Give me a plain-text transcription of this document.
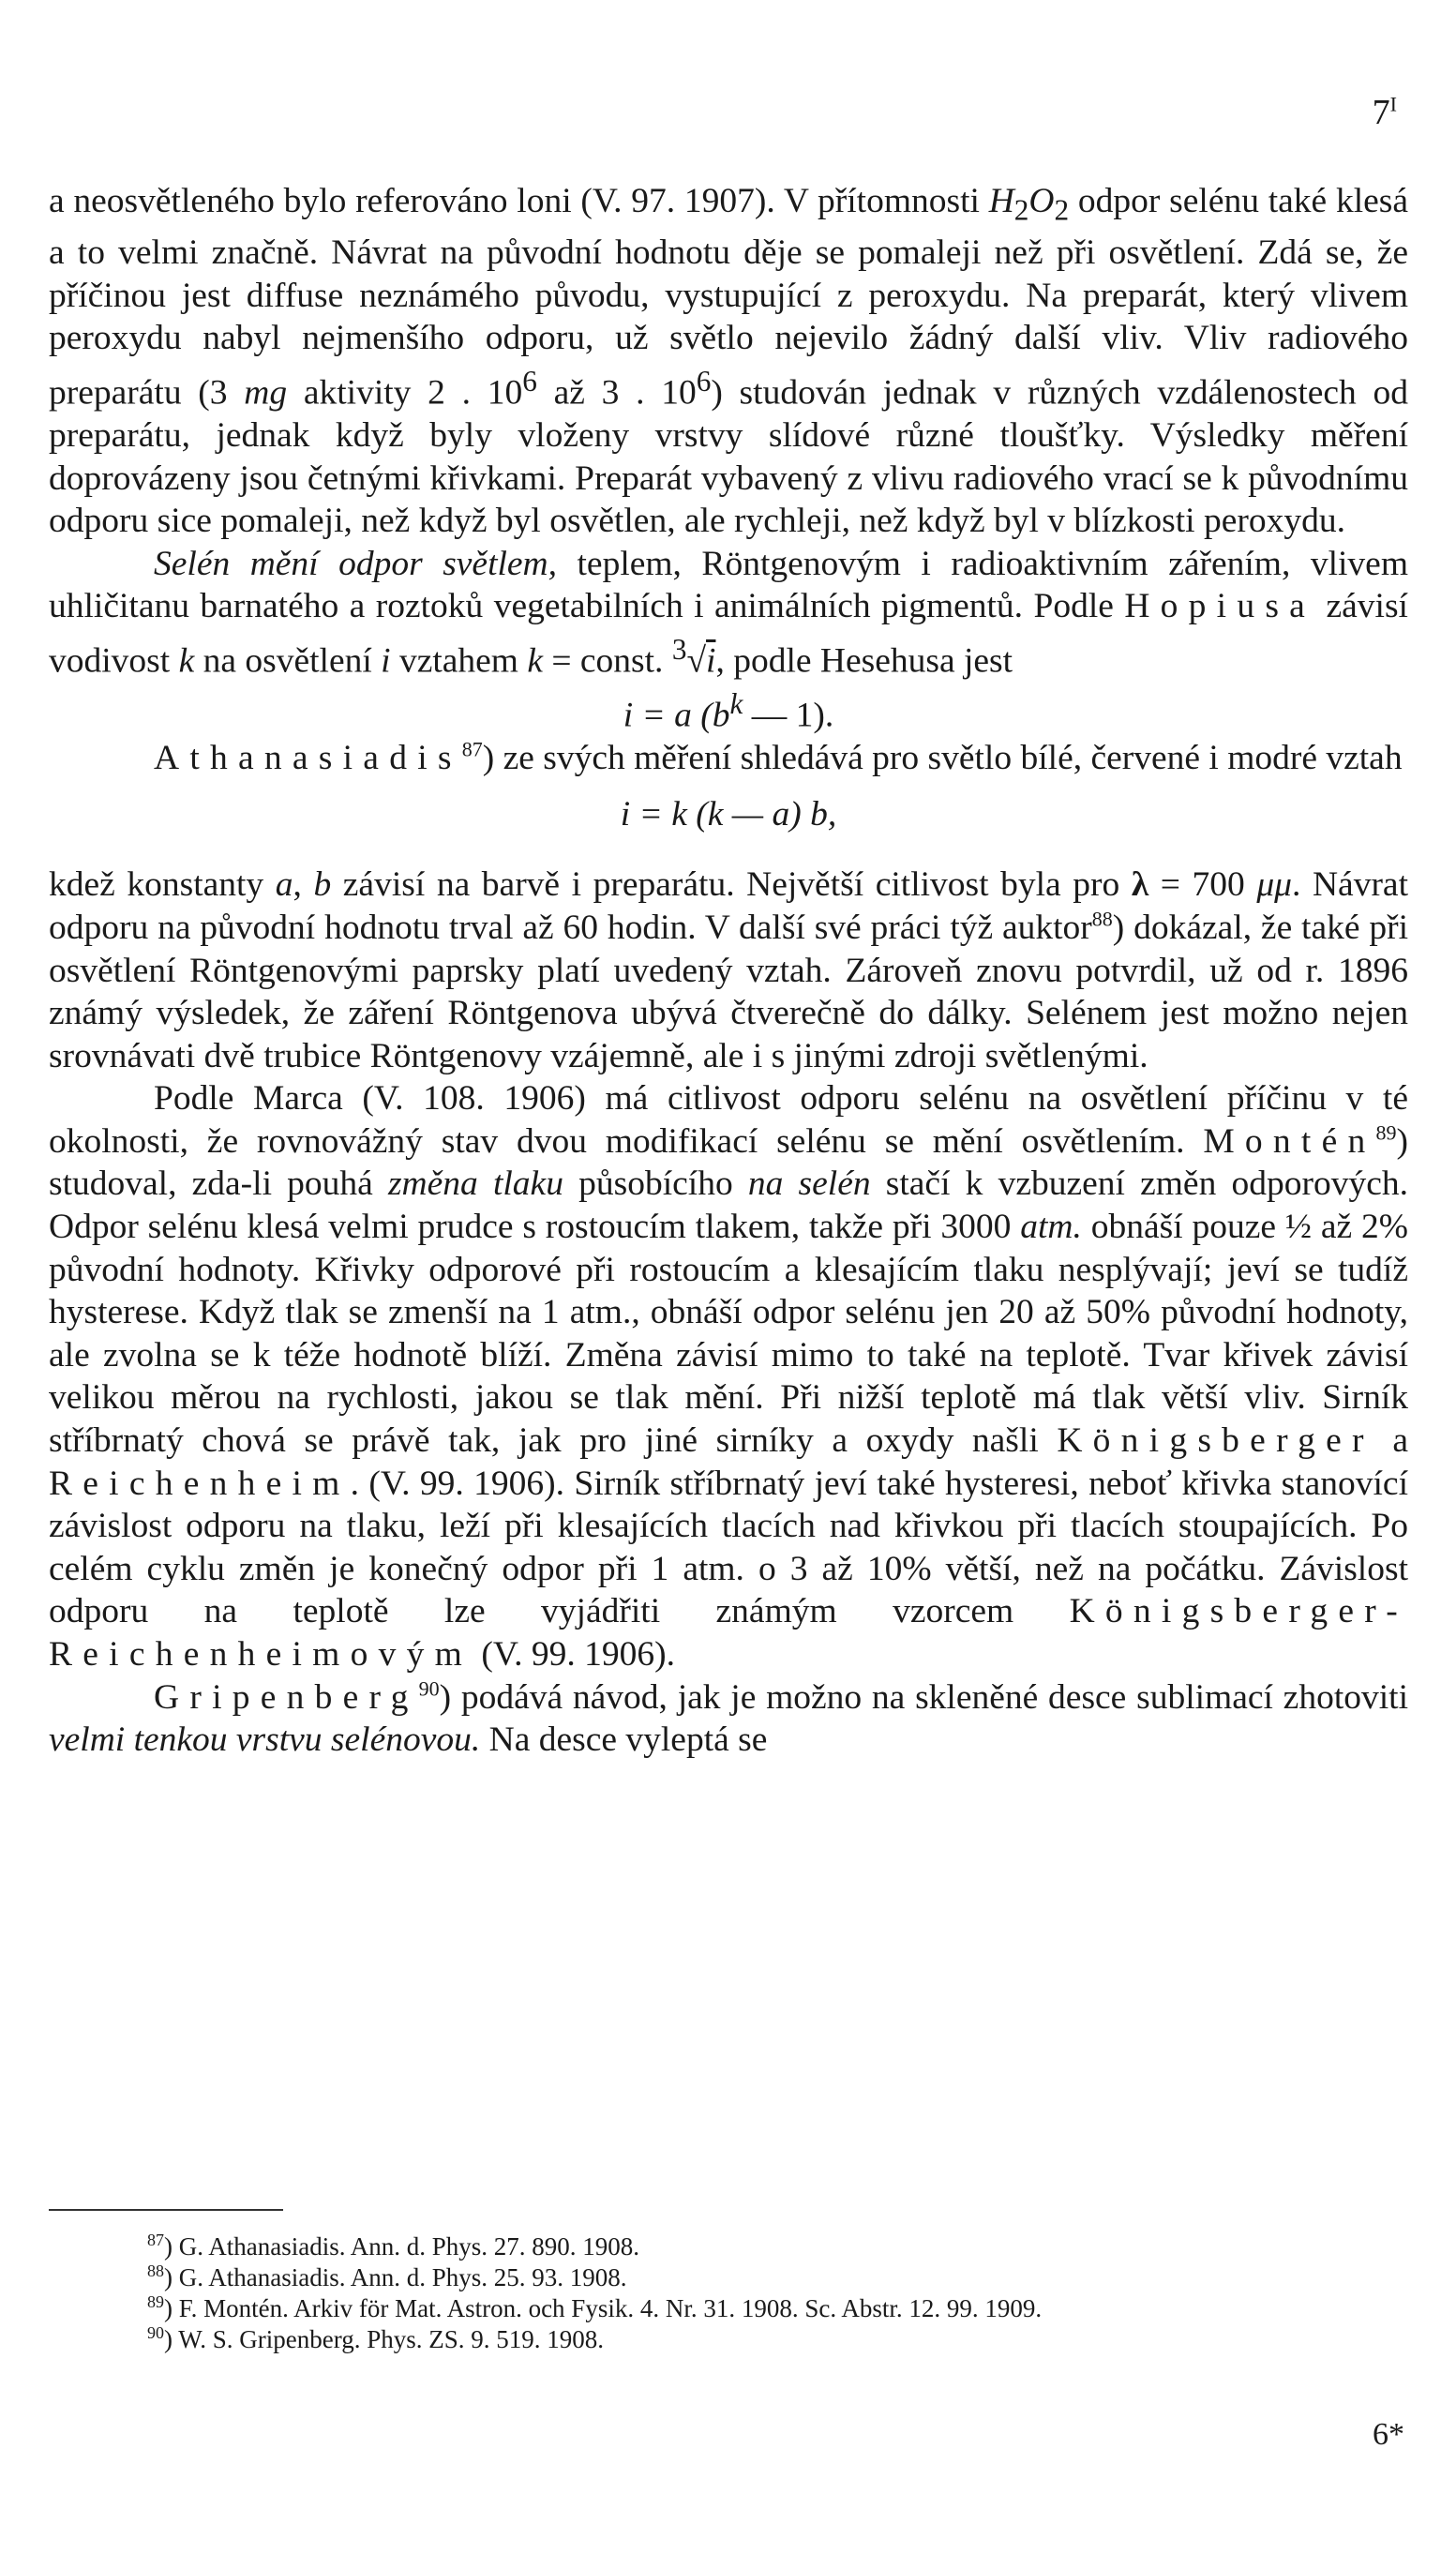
$7^I$

a neosvětleného bylo referováno loni (V. 97. 1907). V přítomnosti $H_2O_2$ odpor selénu také klesá a to velmi značně. Návrat na původní hodnotu děje se pomaleji než při osvětlení. Zdá se, že příčinou jest diffuse neznámého původu, vystupující z peroxydu. Na preparát, který vlivem peroxydu nabyl nejmenšího odporu, už světlo nejevilo žádný další vliv. Vliv radiového preparátu (3 mg aktivity 2 . $10^6$ až 3 . $10^6$) studován jednak v různých vzdálenostech od preparátu, jednak když byly vloženy vrstvy slídové různé tloušťky. Výsledky měření doprovázeny jsou četnými křivkami. Preparát vybavený z vlivu radiového vrací se k původnímu odporu sice pomaleji, než když byl osvětlen, ale rychleji, než když byl v blízkosti peroxydu.

Selén mění odpor světlem, teplem, Röntgenovým i radioaktivním zářením, vlivem uhličitanu barnatého a roztoků vegetabilních i animálních pigmentů. Podle Hopiusa závisí vodivost k na osvětlení i vztahem k = const. $^3$√i, podle Hesehusa jest

i = a ($b^k$ — 1).

Athanasiadis$^{87}$) ze svých měření shledává pro světlo bílé, červené i modré vztah

i = k (k — a) b,

kdež konstanty a, b závisí na barvě i preparátu. Největší citlivost byla pro λ = 700 μμ. Návrat odporu na původní hodnotu trval až 60 hodin. V další své práci týž auktor$^{88}$) dokázal, že také při osvětlení Röntgenovými paprsky platí uvedený vztah. Zároveň znovu potvrdil, už od r. 1896 známý výsledek, že záření Röntgenova ubývá čtverečně do dálky. Selénem jest možno nejen srovnávati dvě trubice Röntgenovy vzájemně, ale i s jinými zdroji světlenými.

Podle Marca (V. 108. 1906) má citlivost odporu selénu na osvětlení příčinu v té okolnosti, že rovnovážný stav dvou modifikací selénu se mění osvětlením. Montén$^{89}$) studoval, zda-li pouhá změna tlaku působícího na selén stačí k vzbuzení změn odporových. Odpor selénu klesá velmi prudce s rostoucím tlakem, takže při 3000 atm. obnáší pouze ½ až 2% původní hodnoty. Křivky odporové při rostoucím a klesajícím tlaku nesplývají; jeví se tudíž hysterese. Když tlak se zmenší na 1 atm., obnáší odpor selénu jen 20 až 50% původní hodnoty, ale zvolna se k téže hodnotě blíží. Změna závisí mimo to také na teplotě. Tvar křivek závisí velikou měrou na rychlosti, jakou se tlak mění. Při nižší teplotě má tlak větší vliv. Sirník stříbrnatý chová se právě tak, jak pro jiné sirníky a oxydy našli Königsberger a Reichenheim. (V. 99. 1906). Sirník stříbrnatý jeví také hysteresi, neboť křivka stanovící závislost odporu na tlaku, leží při klesajících tlacích nad křivkou při tlacích stoupajících. Po celém cyklu změn je konečný odpor při 1 atm. o 3 až 10% větší, než na počátku. Závislost odporu na teplotě lze vyjádřiti známým vzorcem Königsberger-Reichenheimovým (V. 99. 1906).

Gripenberg$^{90}$) podává návod, jak je možno na skleněné desce sublimací zhotoviti velmi tenkou vrstvu selénovou. Na desce vyleptá se

$^{87}$) G. Athanasiadis. Ann. d. Phys. 27. 890. 1908.

$^{88}$) G. Athanasiadis. Ann. d. Phys. 25. 93. 1908.

$^{89}$) F. Montén. Arkiv för Mat. Astron. och Fysik. 4. Nr. 31. 1908. Sc. Abstr. 12. 99. 1909.

$^{90}$) W. S. Gripenberg. Phys. ZS. 9. 519. 1908.

6*
